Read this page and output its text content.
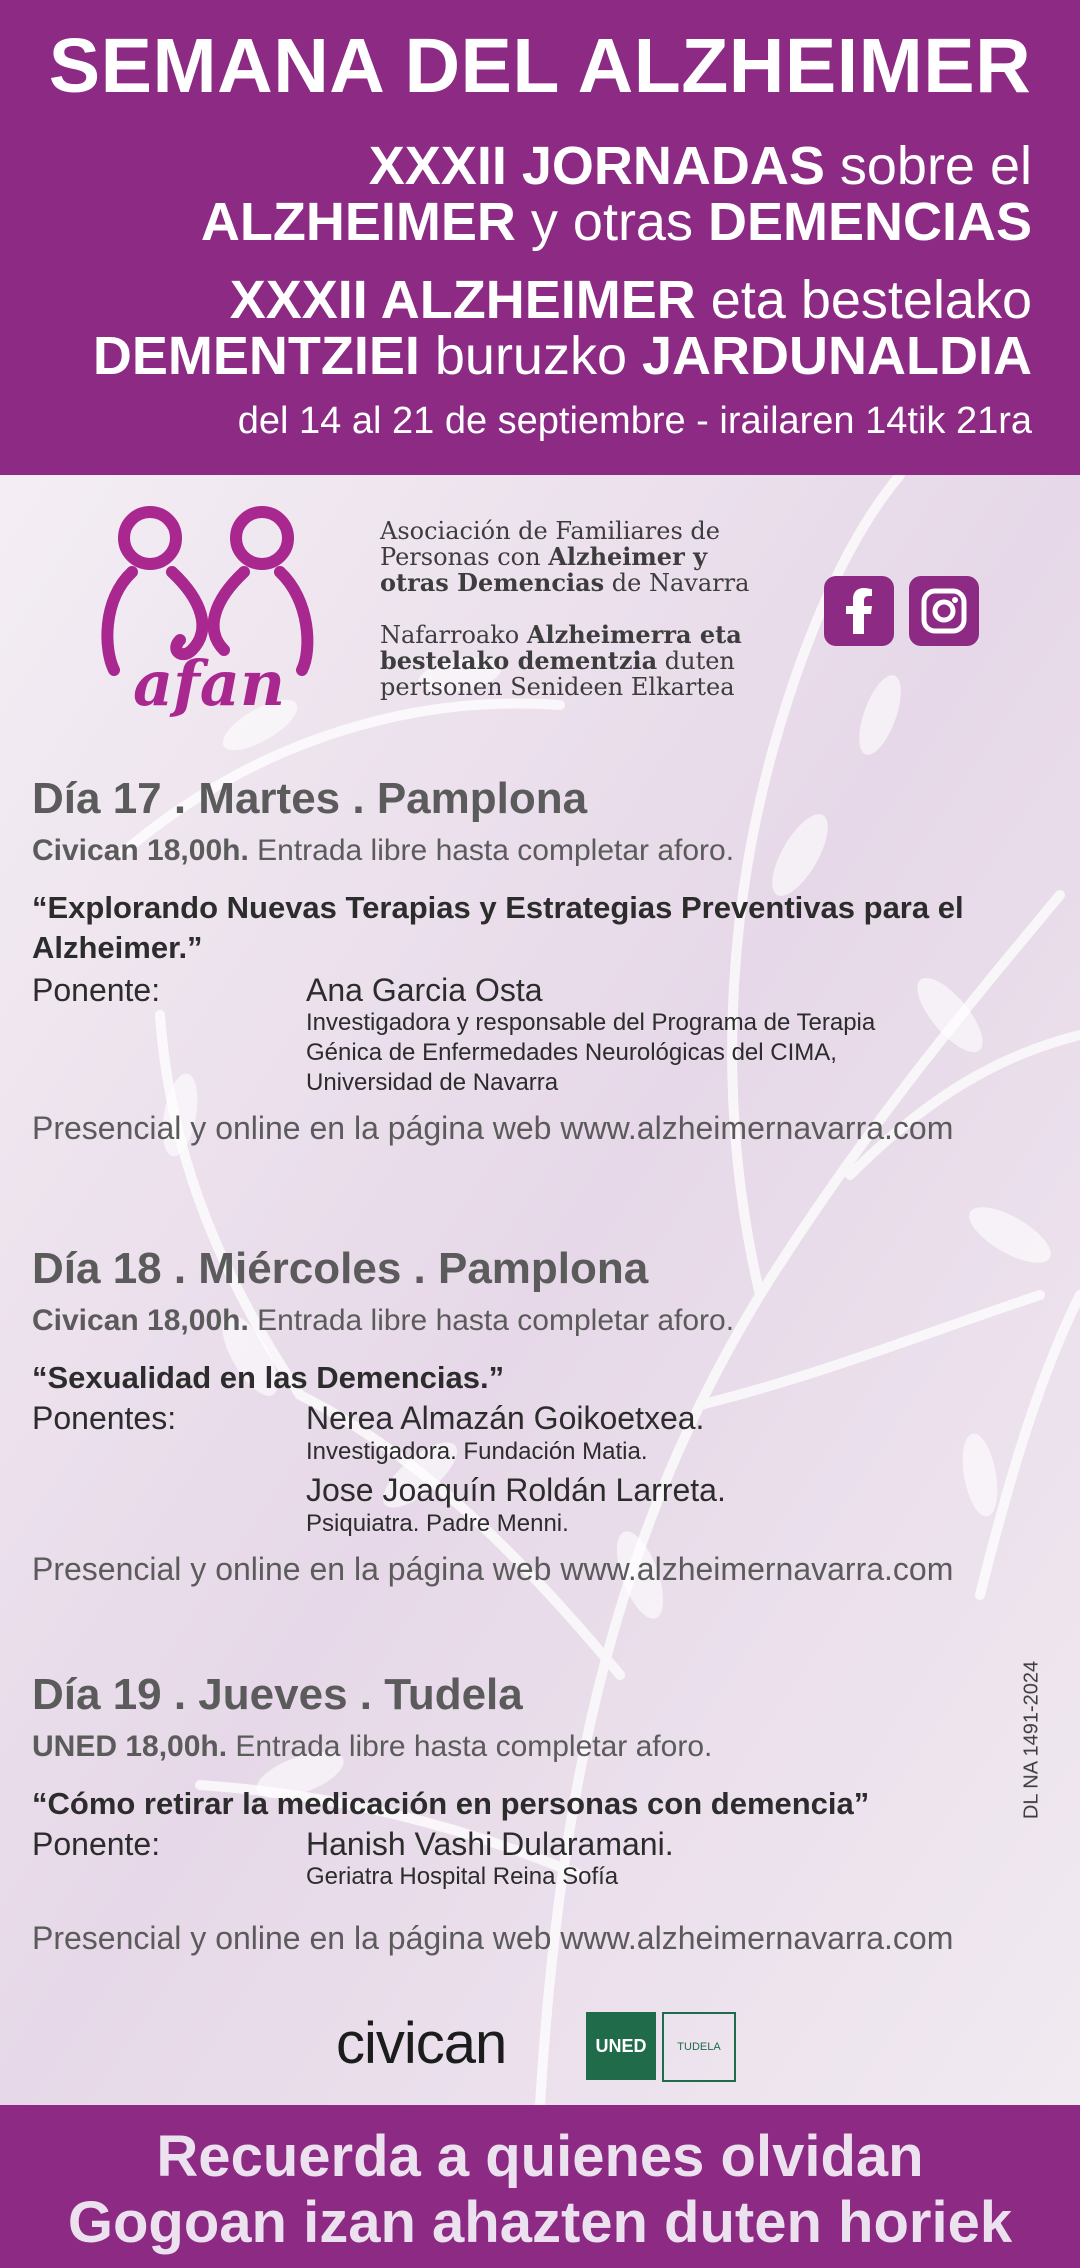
SEMANA DEL ALZHEIMER
XXXII JORNADAS sobre el
ALZHEIMER y otras DEMENCIAS
XXXII ALZHEIMER eta bestelako
DEMENTZIEI buruzko JARDUNALDIA
del 14 al 21 de septiembre - irailaren 14tik 21ra
afan
Asociación de Familiares de
Personas con Alzheimer y
otras Demencias de Navarra
Nafarroako Alzheimerra eta
bestelako dementzia duten
pertsonen Senideen Elkartea
Día 17 . Martes . Pamplona
Civican 18,00h. Entrada libre hasta completar aforo.
“Explorando Nuevas Terapias y Estrategias Preventivas para el
Alzheimer.”
Ponente:	Ana Garcia Osta
Investigadora y responsable del Programa de Terapia
Génica de Enfermedades Neurológicas del CIMA,
Universidad de Navarra
Presencial y online en la página web www.alzheimernavarra.com
Día 18 . Miércoles . Pamplona
Civican 18,00h. Entrada libre hasta completar aforo.
“Sexualidad en las Demencias.”
Ponentes:	Nerea Almazán Goikoetxea.
Investigadora. Fundación Matia.
Jose Joaquín Roldán Larreta.
Psiquiatra. Padre Menni.
Presencial y online en la página web www.alzheimernavarra.com
Día 19 . Jueves . Tudela
UNED 18,00h. Entrada libre hasta completar aforo.
“Cómo retirar la medicación en personas con demencia”
Ponente:	Hanish Vashi Dularamani.
Geriatra Hospital Reina Sofía
Presencial y online en la página web www.alzheimernavarra.com
DL NA 1491-2024
civican	UNED	TUDELA
Recuerda a quienes olvidan
Gogoan izan ahazten duten horiek
